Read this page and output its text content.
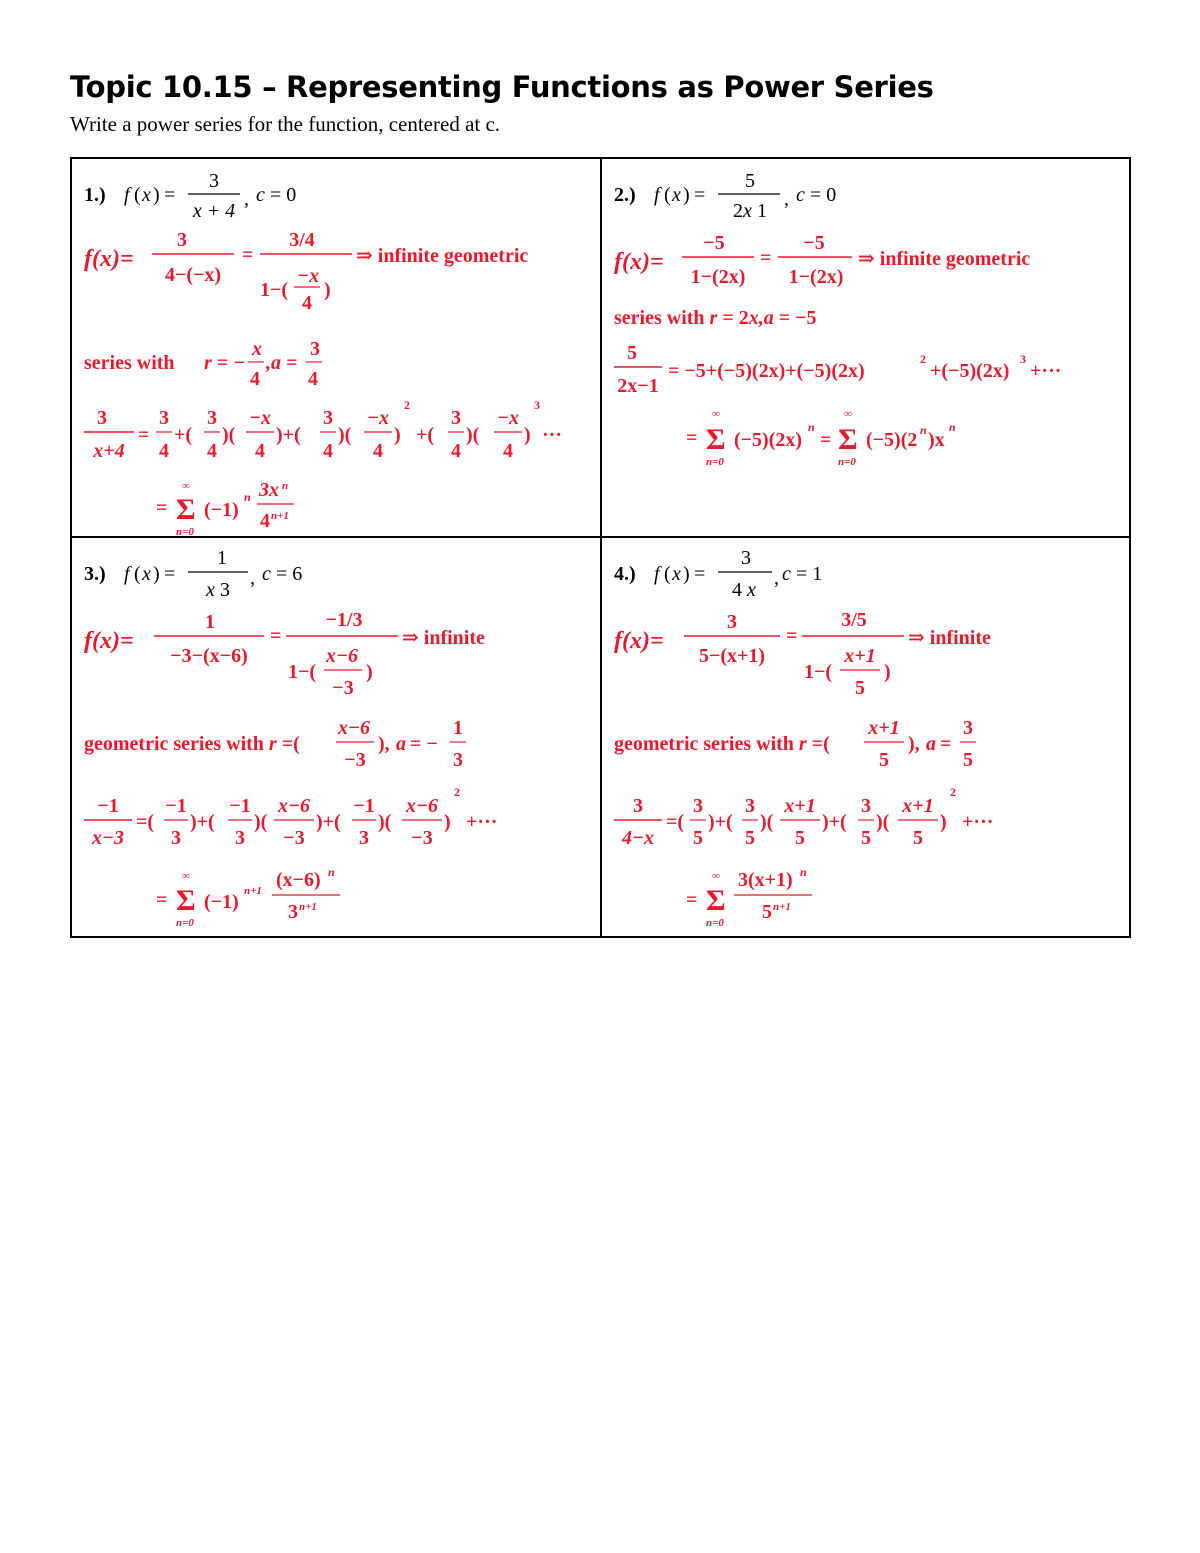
Topic 10.15 – Representing Functions as Power Series
Write a power series for the function, centered at c.
1.) f ( x ) =
3
x + 4
, c = 0
f(x)=
3
4−(−x)
=
3/4
1−(
−x
4
)
⇒ infinite geometric
series with r = −
x
4
,a =
3
4
3
x+4
=
3
4
+(
3
4
)(
−x
4
)+(
3
4
)(
−x
4
)
2
+(
3
4
)(
−x
4
)
3
···
= Σ
∞
n=0
(−1)
n 3x n
4 n+1
2.) f ( x ) =
5
2x 1
, c = 0
f(x)=
−5
1−(2x)
=
−5
1−(2x)
⇒ infinite geometric
series with r = 2x,a = −5
5
2x−1
= −5+(−5)(2x)+(−5)(2x)
2
+(−5)(2x)
3
+···
= Σ
∞
n=0
(−5)(2x)
n
= Σ
∞
n=0
(−5)(2 n )x
n
3.) f ( x ) =
1
x 3
, c = 6
f(x)=
1
−3−(x−6)
=
−1/3
1−(
x−6
−3
)
⇒ infinite
geometric series with r =(
x−6
−3
), a = −
1
3
−1
x−3
=(
−1
3
)+(
−1
3
)(
x−6
−3
)+(
−1
3
)(
x−6
−3
)
2
+···
= Σ
∞
n=0
(−1) n+1 (x−6) n
3 n+1
4.) f ( x ) =
3
4 x
, c = 1
f(x)=
3
5−(x+1)
=
3/5
1−(
x+1
5
)
⇒ infinite
geometric series with r =(
x+1
5
), a =
3
5
3
4−x
=(
3
5
)+(
3
5
)(
x+1
5
)+(
3
5
)(
x+1
5
)
2
+···
= Σ
∞
n=0
3(x+1) n
5 n+1
